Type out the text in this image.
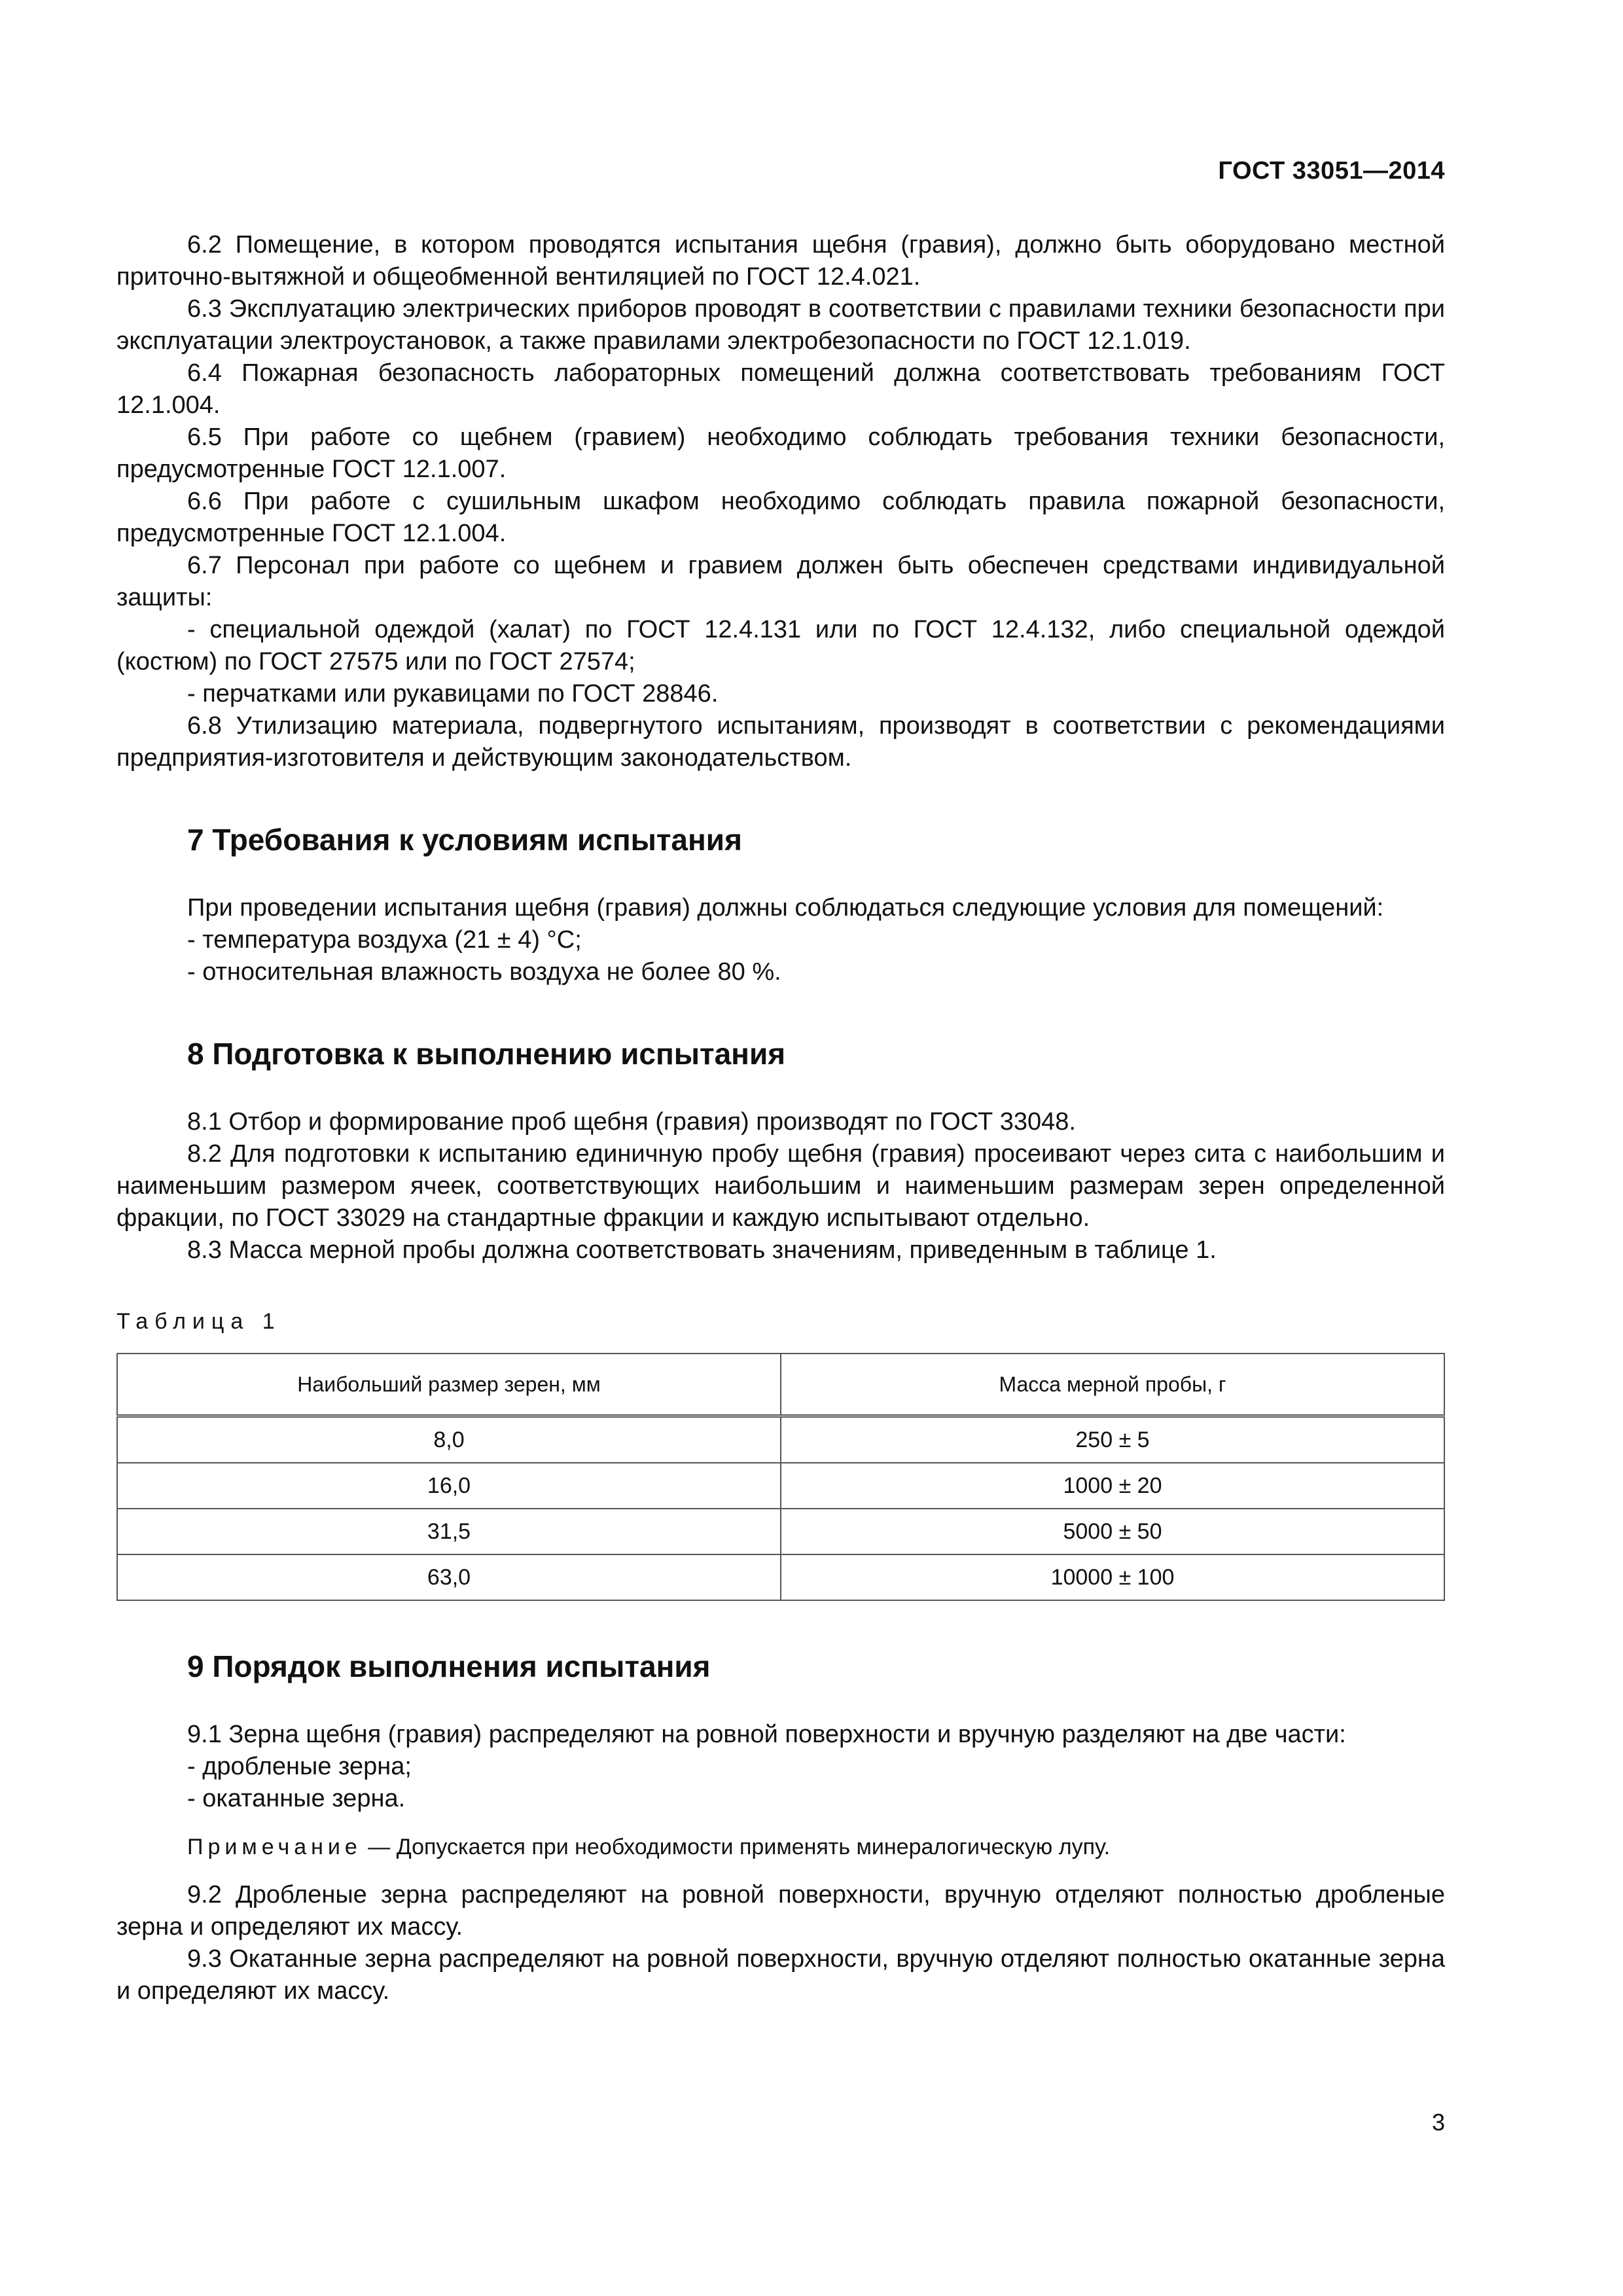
ГОСТ 33051—2014

6.2 Помещение, в котором проводятся испытания щебня (гравия), должно быть оборудовано местной приточно-вытяжной и общеобменной вентиляцией по ГОСТ 12.4.021.

6.3 Эксплуатацию электрических приборов проводят в соответствии с правилами техники безопасности при эксплуатации электроустановок, а также правилами электробезопасности по ГОСТ 12.1.019.

6.4 Пожарная безопасность лабораторных помещений должна соответствовать требованиям ГОСТ 12.1.004.

6.5 При работе со щебнем (гравием) необходимо соблюдать требования техники безопасности, предусмотренные ГОСТ 12.1.007.

6.6 При работе с сушильным шкафом необходимо соблюдать правила пожарной безопасности, предусмотренные ГОСТ 12.1.004.

6.7 Персонал при работе со щебнем и гравием должен быть обеспечен средствами индивидуальной защиты:

- специальной одеждой (халат) по ГОСТ 12.4.131 или по ГОСТ 12.4.132, либо специальной одеждой (костюм) по ГОСТ 27575 или по ГОСТ 27574;

- перчатками или рукавицами по ГОСТ 28846.

6.8 Утилизацию материала, подвергнутого испытаниям, производят в соответствии с рекомендациями предприятия-изготовителя и действующим законодательством.

7 Требования к условиям испытания

При проведении испытания щебня (гравия) должны соблюдаться следующие условия для помещений:

- температура воздуха (21 ± 4) °С;

- относительная влажность воздуха не более 80 %.

8 Подготовка к выполнению испытания

8.1 Отбор и формирование проб щебня (гравия) производят по ГОСТ 33048.

8.2 Для подготовки к испытанию единичную пробу щебня (гравия) просеивают через сита с наибольшим и наименьшим размером ячеек, соответствующих наибольшим и наименьшим размерам зерен определенной фракции, по ГОСТ 33029 на стандартные фракции и каждую испытывают отдельно.

8.3 Масса мерной пробы должна соответствовать значениям, приведенным в таблице 1.

Таблица 1
Наибольший размер зерен, мм	Масса мерной пробы, г
8,0	250 ± 5
16,0	1000 ± 20
31,5	5000 ± 50
63,0	10000 ± 100
9 Порядок выполнения испытания

9.1 Зерна щебня (гравия) распределяют на ровной поверхности и вручную разделяют на две части:

- дробленые зерна;

- окатанные зерна.

Примечание — Допускается при необходимости применять минералогическую лупу.

9.2 Дробленые зерна распределяют на ровной поверхности, вручную отделяют полностью дробленые зерна и определяют их массу.

9.3 Окатанные зерна распределяют на ровной поверхности, вручную отделяют полностью окатанные зерна и определяют их массу.

3
